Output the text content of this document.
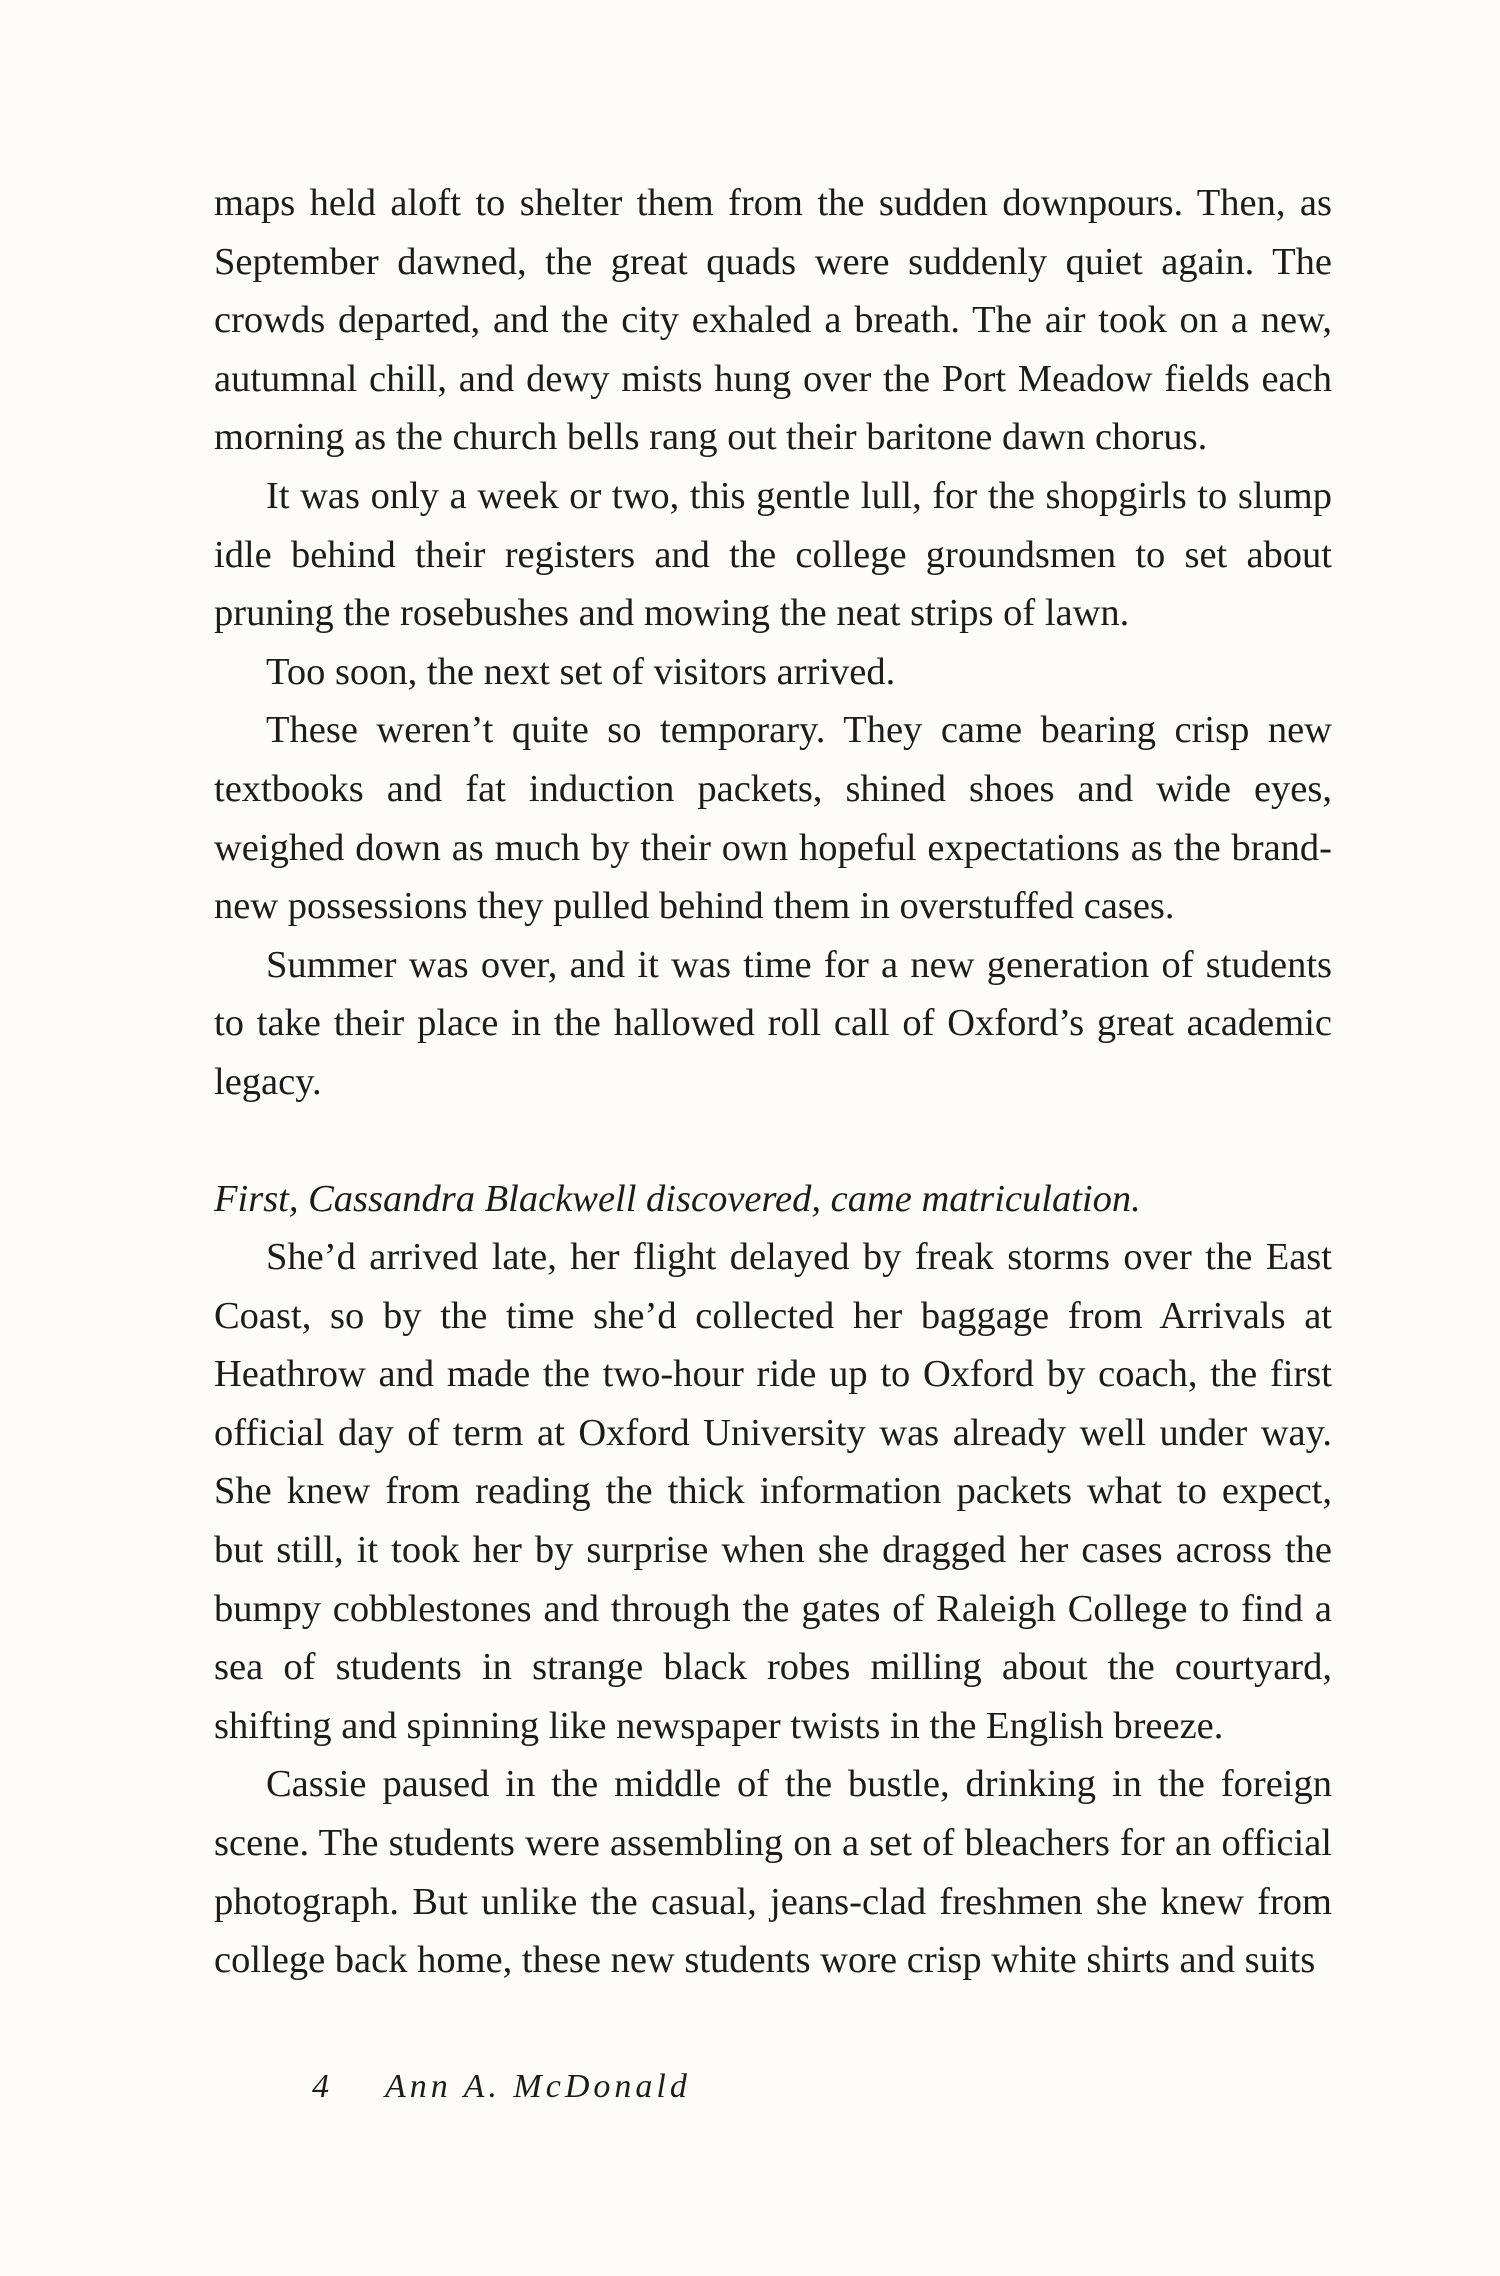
maps held aloft to shelter them from the sudden downpours. Then, as September dawned, the great quads were suddenly quiet again. The crowds departed, and the city exhaled a breath. The air took on a new, autumnal chill, and dewy mists hung over the Port Meadow fields each morning as the church bells rang out their baritone dawn chorus.

It was only a week or two, this gentle lull, for the shopgirls to slump idle behind their registers and the college groundsmen to set about pruning the rosebushes and mowing the neat strips of lawn.

Too soon, the next set of visitors arrived.

These weren’t quite so temporary. They came bearing crisp new textbooks and fat induction packets, shined shoes and wide eyes, weighed down as much by their own hopeful expectations as the brand-new possessions they pulled behind them in overstuffed cases.

Summer was over, and it was time for a new generation of students to take their place in the hallowed roll call of Oxford’s great academic legacy.

First, Cassandra Blackwell discovered, came matriculation.

She’d arrived late, her flight delayed by freak storms over the East Coast, so by the time she’d collected her baggage from Arrivals at Heathrow and made the two-hour ride up to Oxford by coach, the first official day of term at Oxford University was already well under way. She knew from reading the thick information packets what to expect, but still, it took her by surprise when she dragged her cases across the bumpy cobblestones and through the gates of Raleigh College to find a sea of students in strange black robes milling about the courtyard, shifting and spinning like newspaper twists in the English breeze.

Cassie paused in the middle of the bustle, drinking in the foreign scene. The students were assembling on a set of bleachers for an official photograph. But unlike the casual, jeans-clad freshmen she knew from college back home, these new students wore crisp white shirts and suits

4 Ann A. McDonald
